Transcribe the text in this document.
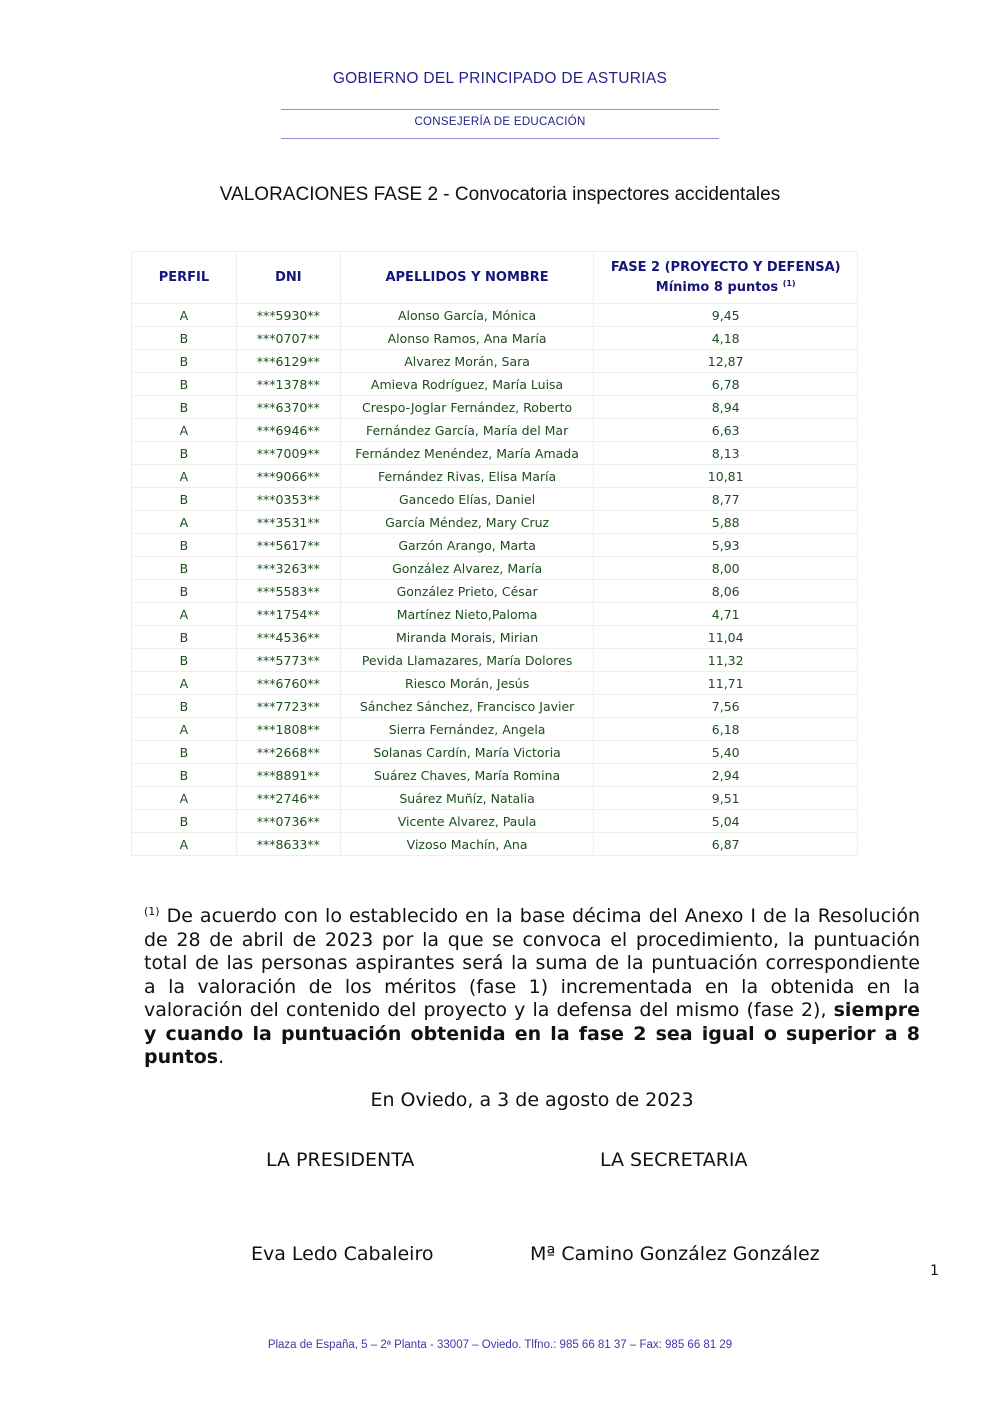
GOBIERNO DEL PRINCIPADO DE ASTURIAS
CONSEJERÍA DE EDUCACIÓN
VALORACIONES FASE 2 - Convocatoria inspectores accidentales
PERFIL	DNI	APELLIDOS Y NOMBRE	FASE 2 (PROYECTO Y DEFENSA)
Mínimo 8 puntos $^{(1)}$
A	***5930**	Alonso García, Mónica	9,45
B	***0707**	Alonso Ramos, Ana María	4,18
B	***6129**	Alvarez Morán, Sara	12,87
B	***1378**	Amieva Rodríguez, María Luisa	6,78
B	***6370**	Crespo-Joglar Fernández, Roberto	8,94
A	***6946**	Fernández García, María del Mar	6,63
B	***7009**	Fernández Menéndez, María Amada	8,13
A	***9066**	Fernández Rivas, Elisa María	10,81
B	***0353**	Gancedo Elías, Daniel	8,77
A	***3531**	García Méndez, Mary Cruz	5,88
B	***5617**	Garzón Arango, Marta	5,93
B	***3263**	González Alvarez, María	8,00
B	***5583**	González Prieto, César	8,06
A	***1754**	Martínez Nieto,Paloma	4,71
B	***4536**	Miranda Morais, Mirian	11,04
B	***5773**	Pevida Llamazares, María Dolores	11,32
A	***6760**	Riesco Morán, Jesús	11,71
B	***7723**	Sánchez Sánchez, Francisco Javier	7,56
A	***1808**	Sierra Fernández, Angela	6,18
B	***2668**	Solanas Cardín, María Victoria	5,40
B	***8891**	Suárez Chaves, María Romina	2,94
A	***2746**	Suárez Muñíz, Natalia	9,51
B	***0736**	Vicente Alvarez, Paula	5,04
A	***8633**	Vizoso Machín, Ana	6,87
$^{(1)}$ De acuerdo con lo establecido en la base décima del Anexo I de la Resolución de 28 de abril de 2023 por la que se convoca el procedimiento, la puntuación total de las personas aspirantes será la suma de la puntuación correspondiente a la valoración de los méritos (fase 1) incrementada en la obtenida en la valoración del contenido del proyecto y la defensa del mismo (fase 2), siempre y cuando la puntuación obtenida en la fase 2 sea igual o superior a 8 puntos.
En Oviedo, a 3 de agosto de 2023
LA PRESIDENTA	LA SECRETARIA
Eva Ledo Cabaleiro	Mª Camino González González
1
Plaza de España, 5 – 2ª Planta - 33007 – Oviedo. Tlfno.: 985 66 81 37 – Fax: 985 66 81 29
